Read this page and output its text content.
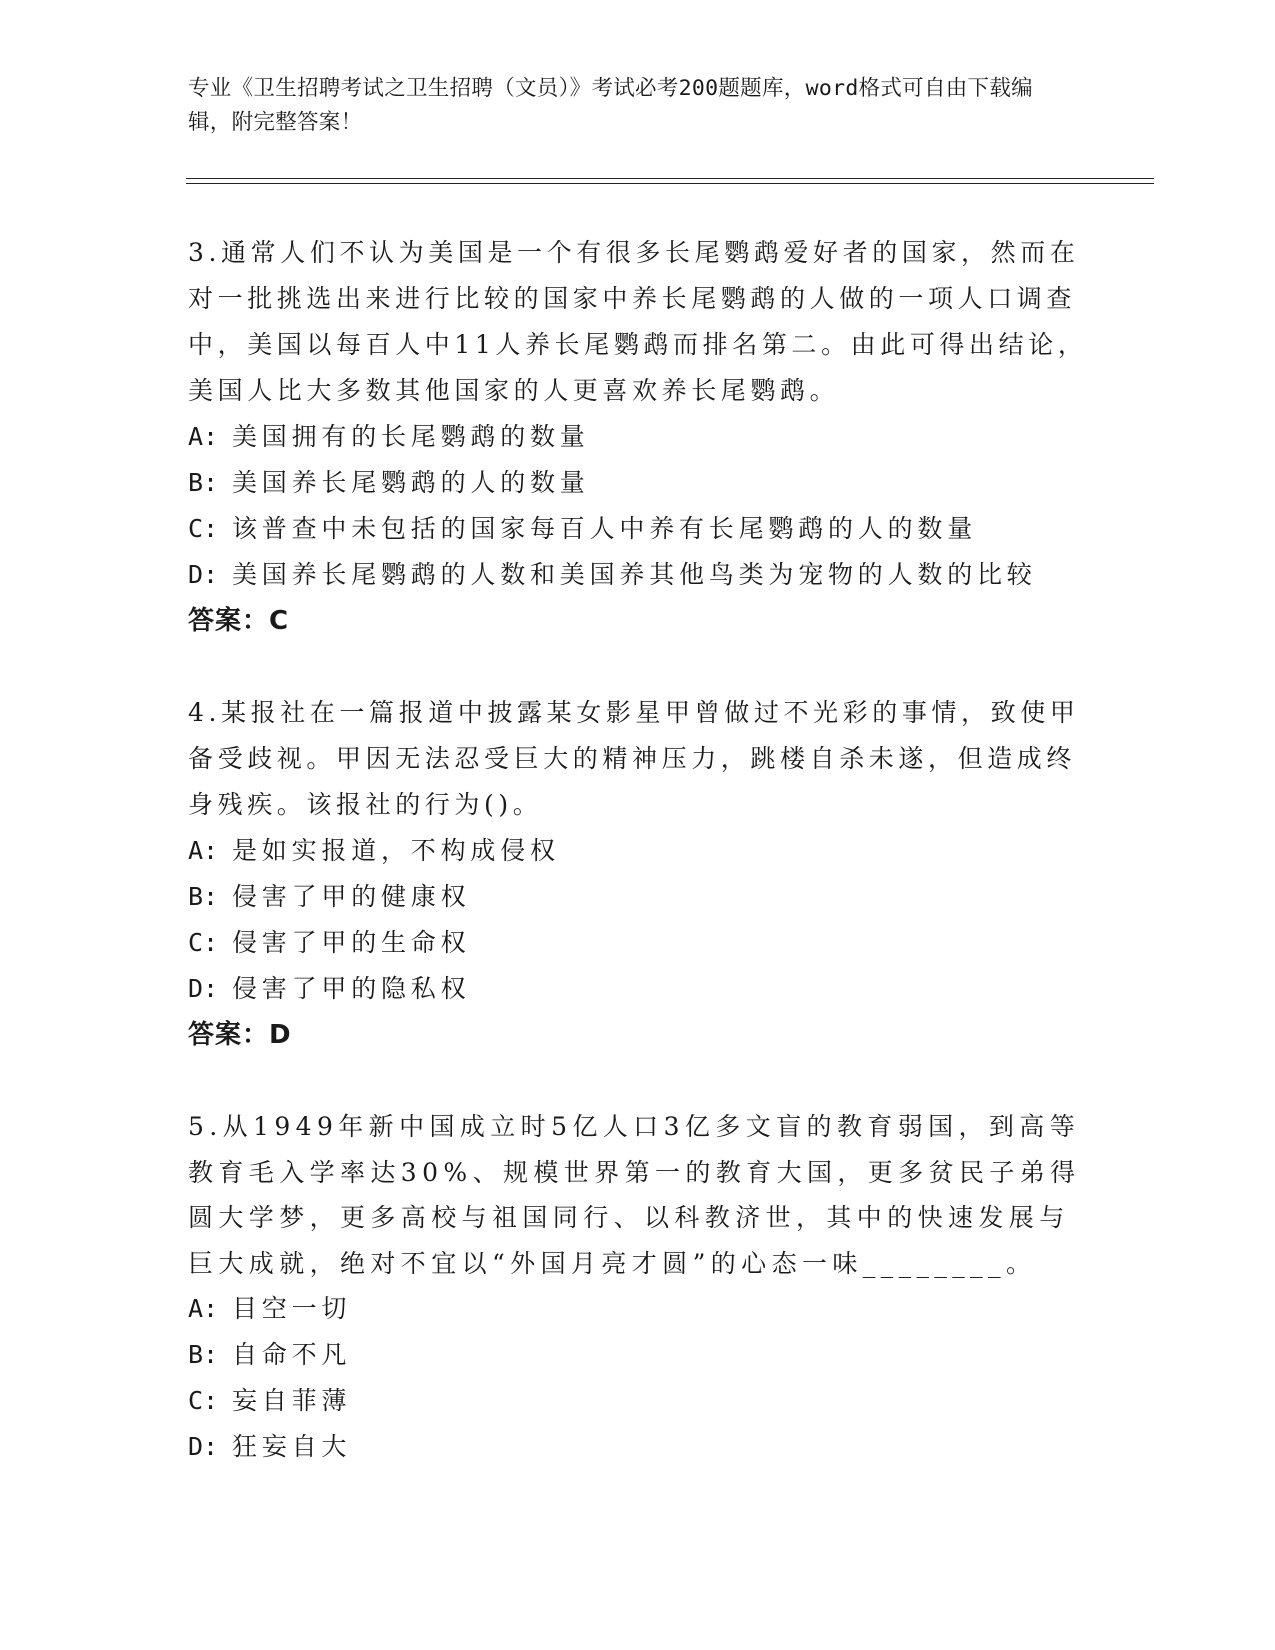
专业《卫生招聘考试之卫生招聘（文员）》考试必考200题题库，word格式可自由下载编辑，附完整答案！

3.通常人们不认为美国是一个有很多长尾鹦鹉爱好者的国家，然而在对一批挑选出来进行比较的国家中养长尾鹦鹉的人做的一项人口调查中，美国以每百人中11人养长尾鹦鹉而排名第二。由此可得出结论，美国人比大多数其他国家的人更喜欢养长尾鹦鹉。

A: 美国拥有的长尾鹦鹉的数量
B: 美国养长尾鹦鹉的人的数量
C: 该普查中未包括的国家每百人中养有长尾鹦鹉的人的数量
D: 美国养长尾鹦鹉的人数和美国养其他鸟类为宠物的人数的比较
答案：C

4.某报社在一篇报道中披露某女影星甲曾做过不光彩的事情，致使甲备受歧视。甲因无法忍受巨大的精神压力，跳楼自杀未遂，但造成终身残疾。该报社的行为()。

A: 是如实报道，不构成侵权
B: 侵害了甲的健康权
C: 侵害了甲的生命权
D: 侵害了甲的隐私权
答案：D

5.从1949年新中国成立时5亿人口3亿多文盲的教育弱国，到高等教育毛入学率达30%、规模世界第一的教育大国，更多贫民子弟得圆大学梦，更多高校与祖国同行、以科教济世，其中的快速发展与巨大成就，绝对不宜以“外国月亮才圆”的心态一味________。

A: 目空一切
B: 自命不凡
C: 妄自菲薄
D: 狂妄自大
